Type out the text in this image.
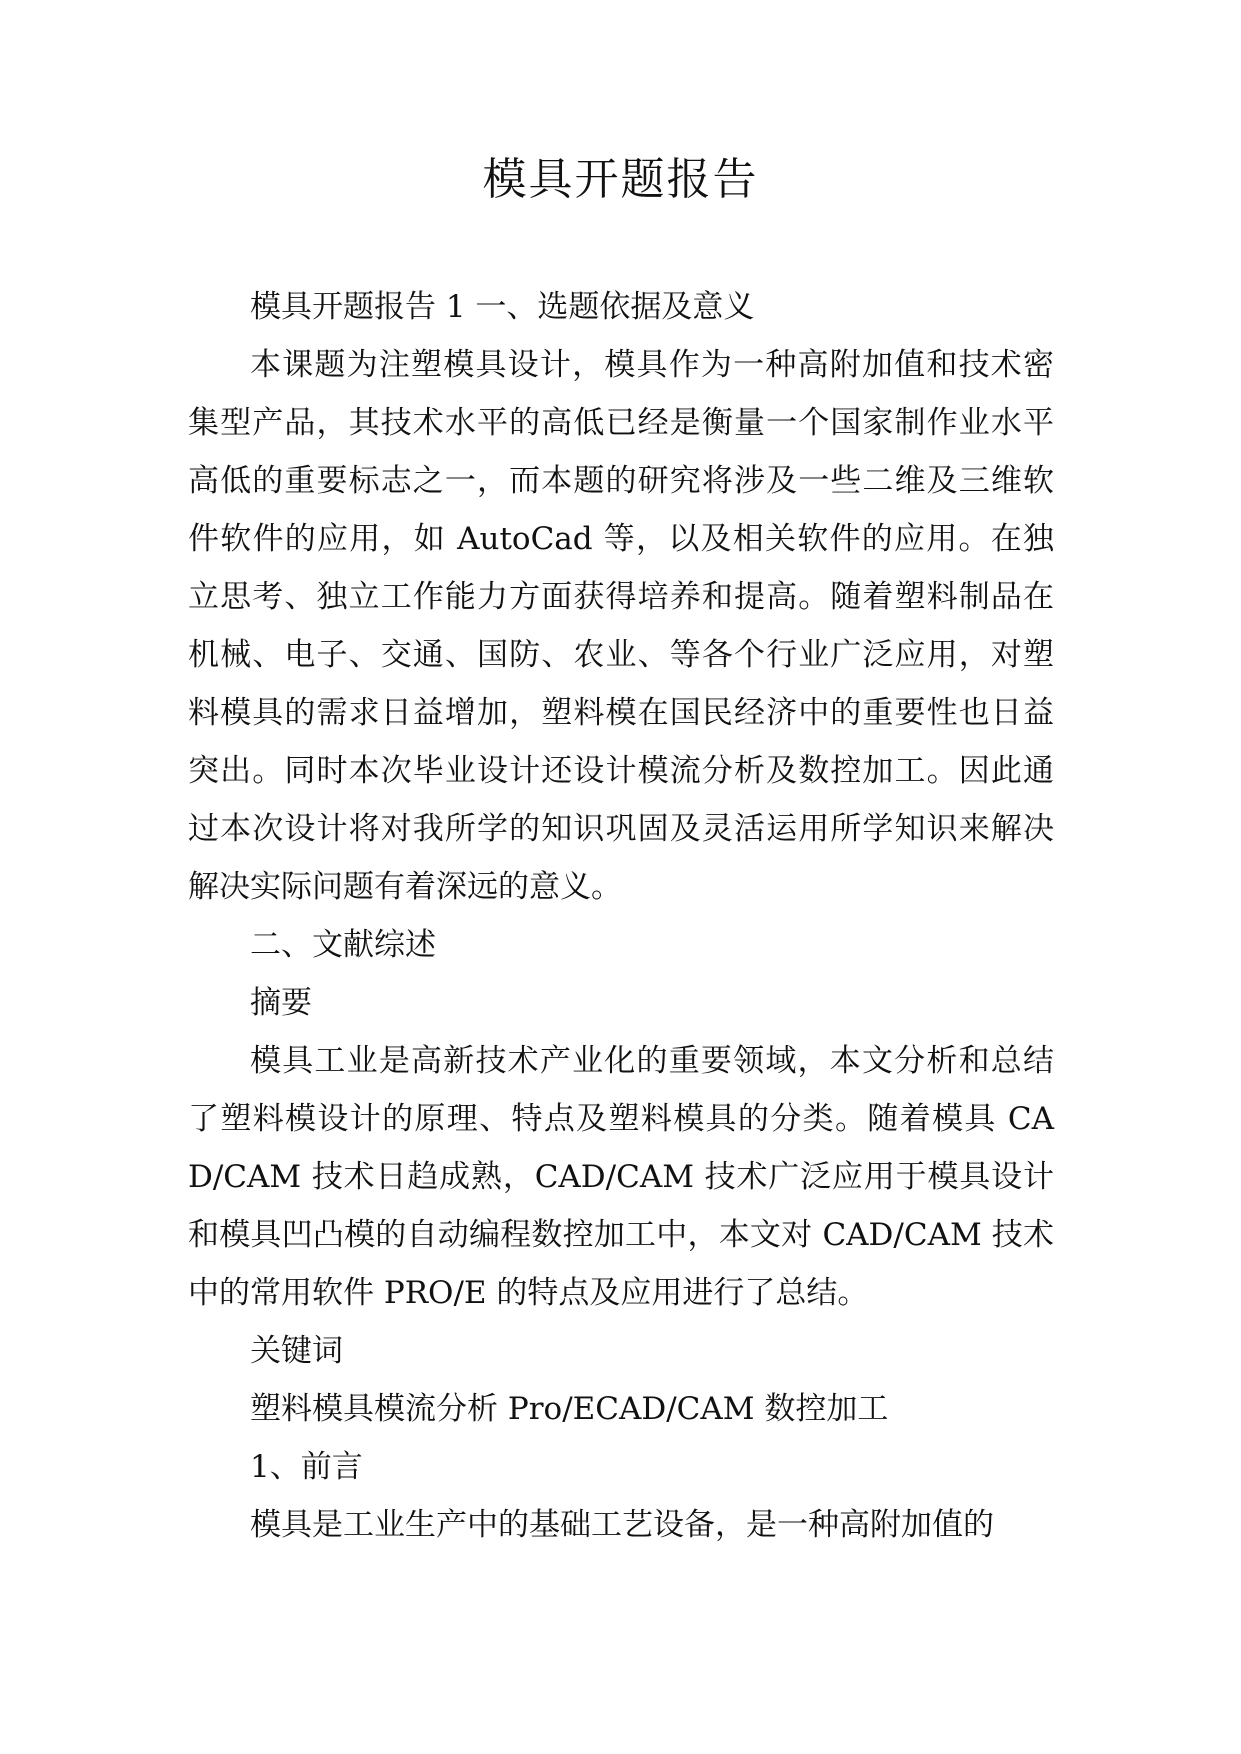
模具开题报告

模具开题报告 1 一、选题依据及意义

本课题为注塑模具设计，模具作为一种高附加值和技术密集型产品，其技术水平的高低已经是衡量一个国家制作业水平高低的重要标志之一，而本题的研究将涉及一些二维及三维软件软件的应用，如 AutoCad 等，以及相关软件的应用。在独立思考、独立工作能力方面获得培养和提高。随着塑料制品在机械、电子、交通、国防、农业、等各个行业广泛应用，对塑料模具的需求日益增加，塑料模在国民经济中的重要性也日益突出。同时本次毕业设计还设计模流分析及数控加工。因此通过本次设计将对我所学的知识巩固及灵活运用所学知识来解决解决实际问题有着深远的意义。

二、文献综述

摘要

模具工业是高新技术产业化的重要领域，本文分析和总结了塑料模设计的原理、特点及塑料模具的分类。随着模具 CAD/CAM 技术日趋成熟，CAD/CAM 技术广泛应用于模具设计和模具凹凸模的自动编程数控加工中，本文对 CAD/CAM 技术中的常用软件 PRO/E 的特点及应用进行了总结。

关键词

塑料模具模流分析 Pro/ECAD/CAM 数控加工

1、前言

模具是工业生产中的基础工艺设备，是一种高附加值的
